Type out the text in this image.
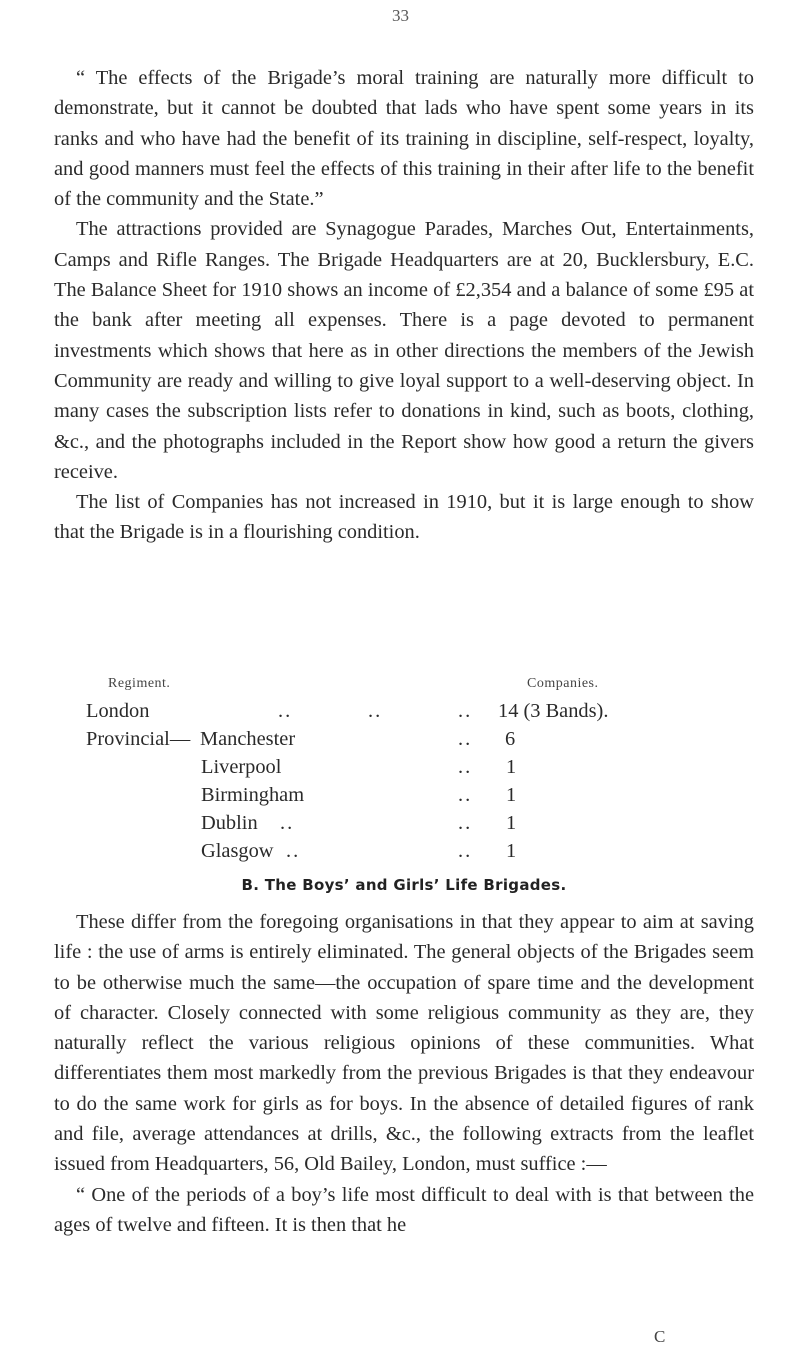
33

“ The effects of the Brigade’s moral training are naturally more difficult to demonstrate, but it cannot be doubted that lads who have spent some years in its ranks and who have had the benefit of its training in discipline, self-respect, loyalty, and good manners must feel the effects of this training in their after life to the benefit of the community and the State.”

The attractions provided are Synagogue Parades, Marches Out, Entertainments, Camps and Rifle Ranges. The Brigade Headquarters are at 20, Bucklersbury, E.C. The Balance Sheet for 1910 shows an income of £2,354 and a balance of some £95 at the bank after meeting all expenses. There is a page devoted to permanent investments which shows that here as in other directions the members of the Jewish Community are ready and willing to give loyal support to a well-deserving object. In many cases the subscription lists refer to donations in kind, such as boots, clothing, &c., and the photographs included in the Report show how good a return the givers receive.

The list of Companies has not increased in 1910, but it is large enough to show that the Brigade is in a flourishing condition.

Regiment.	Companies.
London	..	..	.. 14 (3 Bands).
Provincial— Manchester	.. 6
Liverpool	.. 1
Birmingham	.. 1
Dublin ..	.. 1
Glasgow ..	.. 1
B. The Boys’ and Girls’ Life Brigades.

These differ from the foregoing organisations in that they appear to aim at saving life : the use of arms is entirely eliminated. The general objects of the Brigades seem to be otherwise much the same—the occupation of spare time and the development of character. Closely connected with some religious community as they are, they naturally reflect the various religious opinions of these communities. What differentiates them most markedly from the previous Brigades is that they endeavour to do the same work for girls as for boys. In the absence of detailed figures of rank and file, average attendances at drills, &c., the following extracts from the leaflet issued from Headquarters, 56, Old Bailey, London, must suffice :—

“ One of the periods of a boy’s life most difficult to deal with is that between the ages of twelve and fifteen. It is then that he

C
